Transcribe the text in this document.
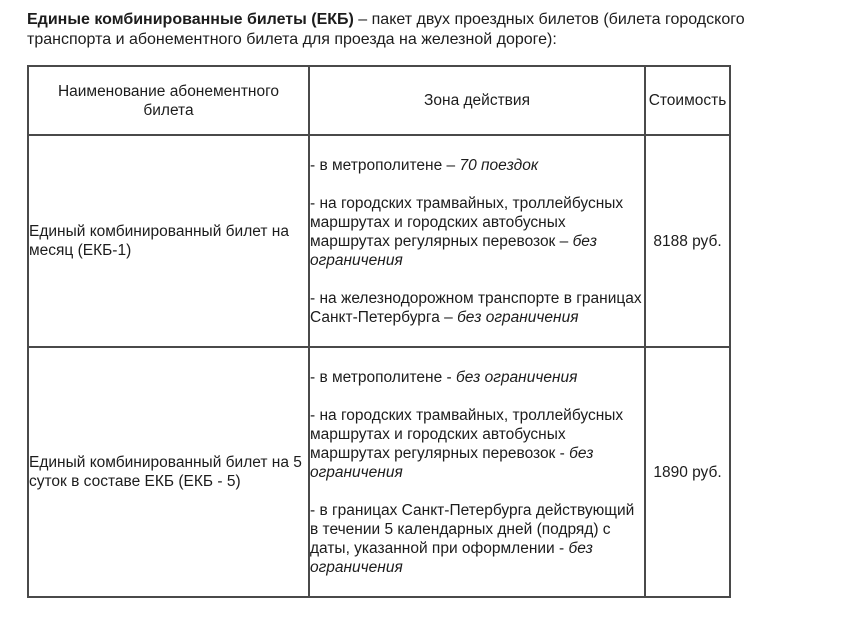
Единые комбинированные билеты (ЕКБ) – пакет двух проездных билетов (билета городского транспорта и абонементного билета для проезда на железной дороге):
Наименование абонементного билета	Зона действия	Стоимость
Единый комбинированный билет на месяц (ЕКБ-1)	- в метрополитене – 70 поездок

- на городских трамвайных, троллейбусных маршрутах и городских автобусных маршрутах регулярных перевозок – без ограничения

- на железнодорожном транспорте в границах Санкт-Петербурга – без ограничения	8188 руб.
Единый комбинированный билет на 5 суток в составе ЕКБ (ЕКБ - 5)	- в метрополитене - без ограничения

- на городских трамвайных, троллейбусных маршрутах и городских автобусных маршрутах регулярных перевозок - без ограничения

- в границах Санкт-Петербурга действующий в течении 5 календарных дней (подряд) с даты, указанной при оформлении - без ограничения	1890 руб.
